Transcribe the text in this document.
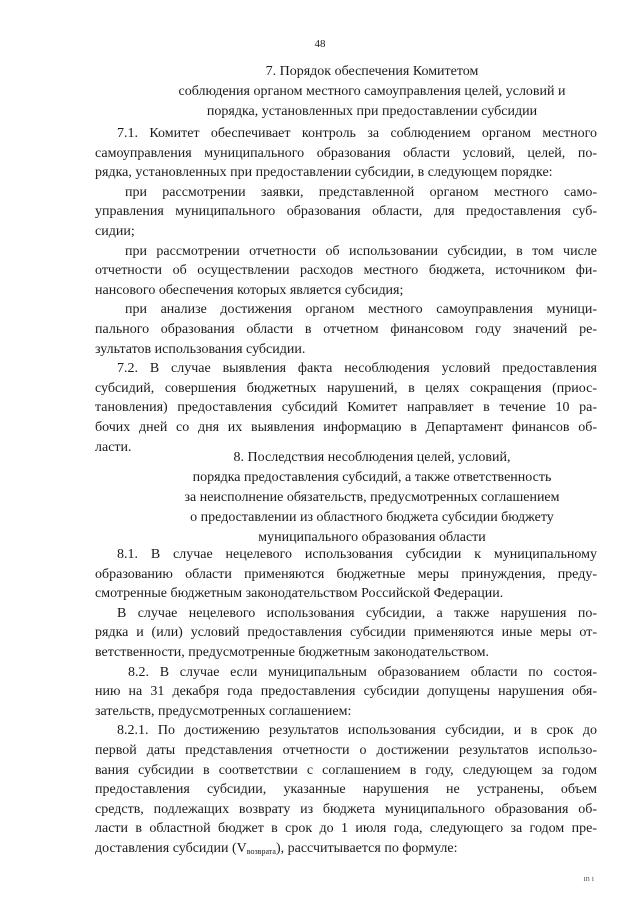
48
7. Порядок обеспечения Комитетом
соблюдения органом местного самоуправления целей, условий и
порядка, установленных при предоставлении субсидии

7.1. Комитет обеспечивает контроль за соблюдением органом местного
самоуправления муниципального образования области условий, целей, по-
рядка, установленных при предоставлении субсидии, в следующем порядке:

при рассмотрении заявки, представленной органом местного само-
управления муниципального образования области, для предоставления суб-
сидии;

при рассмотрении отчетности об использовании субсидии, в том числе
отчетности об осуществлении расходов местного бюджета, источником фи-
нансового обеспечения которых является субсидия;

при анализе достижения органом местного самоуправления муници-
пального образования области в отчетном финансовом году значений ре-
зультатов использования субсидии.

7.2. В случае выявления факта несоблюдения условий предоставления
субсидий, совершения бюджетных нарушений, в целях сокращения (приос-
тановления) предоставления субсидий Комитет направляет в течение 10 ра-
бочих дней со дня их выявления информацию в Департамент финансов об-
ласти.

8. Последствия несоблюдения целей, условий,
порядка предоставления субсидий, а также ответственность
за неисполнение обязательств, предусмотренных соглашением
о предоставлении из областного бюджета субсидии бюджету
муниципального образования области

8.1. В случае нецелевого использования субсидии к муниципальному
образованию области применяются бюджетные меры принуждения, преду-
смотренные бюджетным законодательством Российской Федерации.

В случае нецелевого использования субсидии, а также нарушения по-
рядка и (или) условий предоставления субсидии применяются иные меры от-
ветственности, предусмотренные бюджетным законодательством.

8.2. В случае если муниципальным образованием области по состоя-
нию на 31 декабря года предоставления субсидии допущены нарушения обя-
зательств, предусмотренных соглашением:

8.2.1. По достижению результатов использования субсидии, и в срок до
первой даты представления отчетности о достижении результатов использо-
вания субсидии в соответствии с соглашением в году, следующем за годом
предоставления субсидии, указанные нарушения не устранены, объем
средств, подлежащих возврату из бюджета муниципального образования об-
ласти в областной бюджет в срок до 1 июля года, следующего за годом пре-
доставления субсидии $(V_{возврата})$, рассчитывается по формуле:

ın ı
